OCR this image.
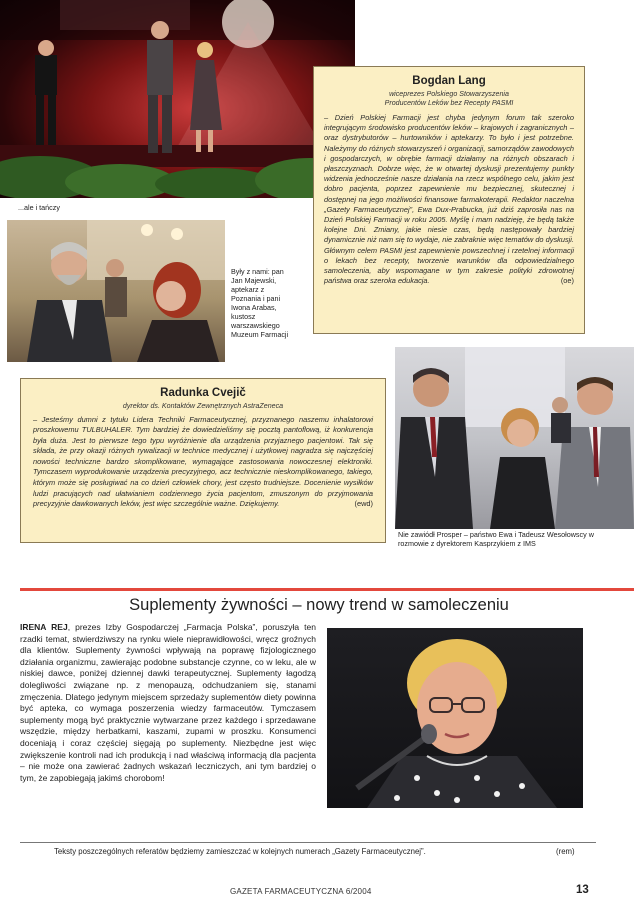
...ale i tańczy
Bogdan Lang
wiceprezes Polskiego Stowarzyszenia
Producentów Leków bez Recepty PASMI
– Dzień Polskiej Farmacji jest chyba jedynym forum tak szeroko integrującym środowisko producentów leków – krajowych i zagranicznych – oraz dystrybutorów – hurtowników i aptekarzy. To było i jest potrzebne. Należymy do różnych stowarzyszeń i organizacji, samorządów zawodowych i gospodarczych, w obrębie farmacji działamy na różnych obszarach i płaszczyznach. Dobrze więc, że w otwartej dyskusji prezentujemy punkty widzenia jednocześnie nasze działania na rzecz wspólnego celu, jakim jest dobro pacjenta, poprzez zapewnienie mu bezpiecznej, skutecznej i dostępnej na jego możliwości finansowe farmakoterapii. Redaktor naczelna „Gazety Farmaceutycznej”, Ewa Dux-Prabucka, już dziś zaprosiła nas na Dzień Polskiej Farmacji w roku 2005. Myślę i mam nadzieję, że będą także kolejne Dni. Zmiany, jakie niesie czas, będą następowały bardziej dynamicznie niż nam się to wydaje, nie zabraknie więc tematów do dyskusji. Głównym celem PASMI jest zapewnienie powszechnej i rzetelnej informacji o lekach bez recepty, tworzenie warunków dla odpowiedzialnego samoleczenia, aby wspomagane w tym zakresie polityki zdrowotnej państwa oraz szeroka edukacja.	(oe)
Były z nami: pan Jan Majewski, aptekarz z Poznania i pani Iwona Arabas, kustosz warszawskiego Muzeum Farmacji
Nie zawiódł Prosper – państwo Ewa i Tadeusz Wesołowscy w rozmowie z dyrektorem Kasprzykiem z IMS
Radunka Cvejič
dyrektor ds. Kontaktów Zewnętrznych AstraZeneca
– Jesteśmy dumni z tytułu Lidera Techniki Farmaceutycznej, przyznanego naszemu inhalatorowi proszkowemu TULBUHALER. Tym bardziej że dowiedzieliśmy się pocztą pantoflową, iż konkurencja była duża. Jest to pierwsze tego typu wyróżnienie dla urządzenia przyjaznego pacjentowi. Tak się składa, że przy okazji różnych rywalizacji w technice medycznej i użytkowej nagradza się najczęściej nowości techniczne bardzo skomplikowane, wymagające zastosowania nowoczesnej elektroniki. Tymczasem wyprodukowanie urządzenia precyzyjnego, acz technicznie nieskomplikowanego, takiego, którym może się posługiwać na co dzień człowiek chory, jest często trudniejsze. Docenienie wysiłków ludzi pracujących nad ułatwianiem codziennego życia pacjentom, zmuszonym do przyjmowania precyzyjnie dawkowanych leków, jest więc szczególnie ważne. Dziękujemy.	(ewd)
Suplementy żywności – nowy trend w samoleczeniu
IRENA REJ, prezes Izby Gospodarczej „Farmacja Polska”, poruszyła ten rzadki temat, stwierdziwszy na rynku wiele nieprawidłowości, wręcz groźnych dla klientów. Suplementy żywności wpływają na poprawę fizjologicznego działania organizmu, zawierając podobne substancje czynne, co w leku, ale w niskiej dawce, poniżej dziennej dawki terapeutycznej. Suplementy łagodzą dolegliwości związane np. z menopauzą, odchudzaniem się, stanami zmęczenia. Dlatego jedynym miejscem sprzedaży suplementów diety powinna być apteka, co wymaga poszerzenia wiedzy farmaceutów. Tymczasem suplementy mogą być praktycznie wytwarzane przez każdego i sprzedawane wszędzie, między herbatkami, kaszami, zupami w proszku. Konsumenci doceniają i coraz częściej sięgają po suplementy. Niezbędne jest więc zwiększenie kontroli nad ich produkcją i nad właściwą informacją dla pacjenta – nie może ona zawierać żadnych wskazań leczniczych, ani tym bardziej o tym, że zapobiegają jakimś chorobom!
Teksty poszczególnych referatów będziemy zamieszczać w kolejnych numerach „Gazety Farmaceutycznej”.	(rem)
GAZETA FARMACEUTYCZNA 6/2004	13
